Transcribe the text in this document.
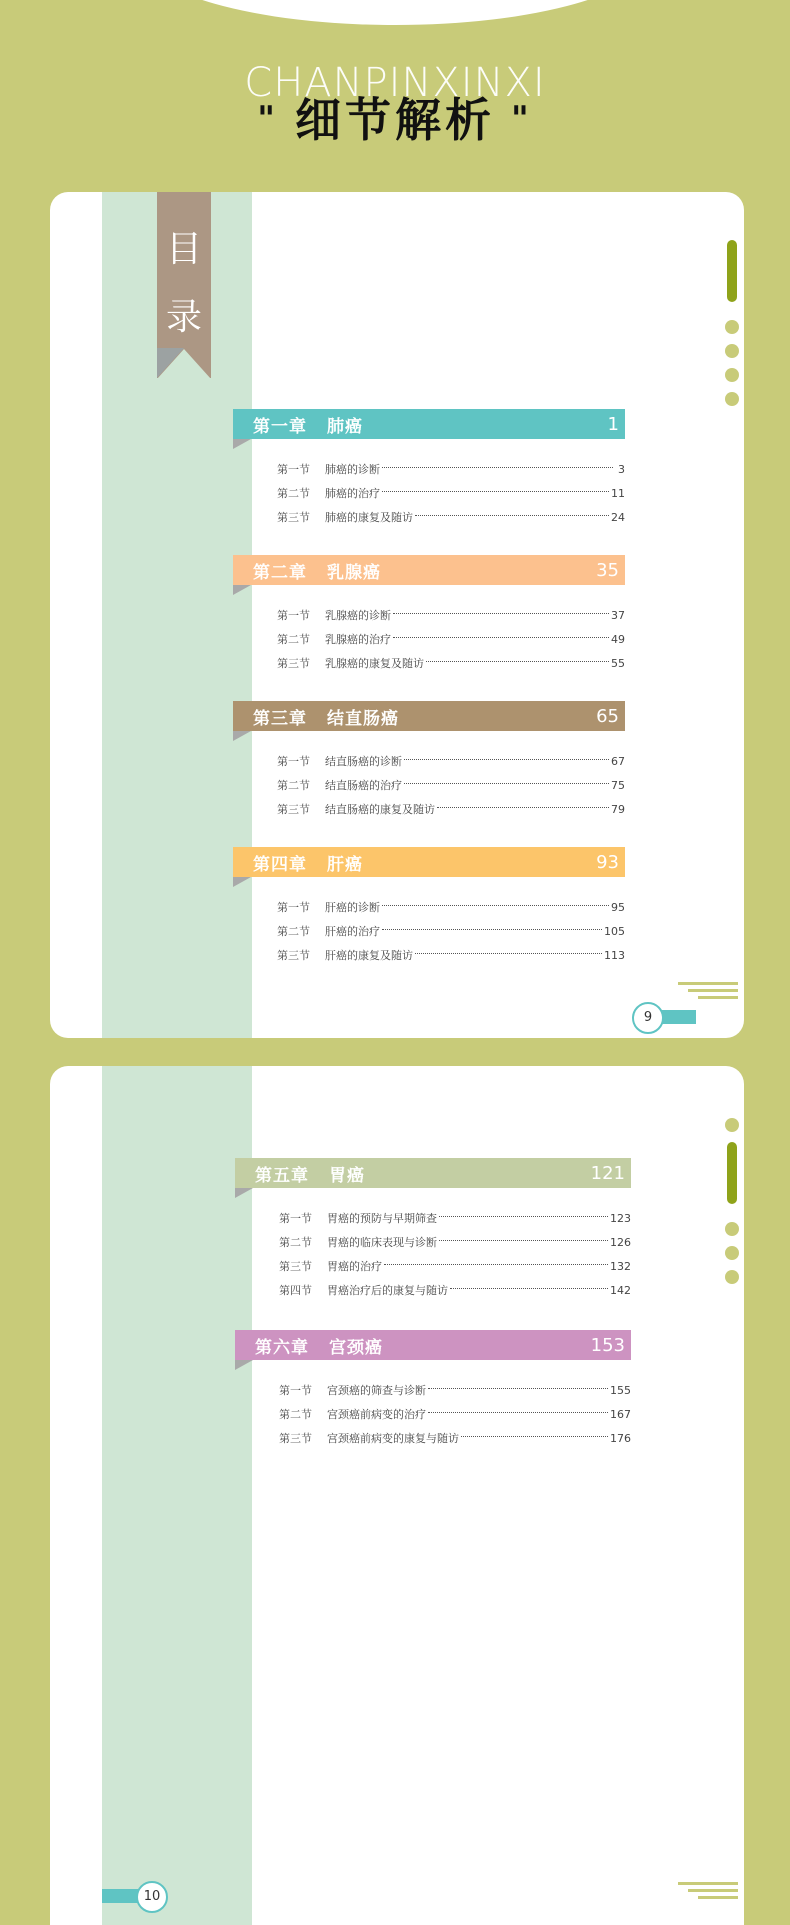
CHANPINXINXI
" 细节解析 "
目
录
第一章 肺癌	1
第一节	肺癌的诊断	3
第二节	肺癌的治疗	11
第三节	肺癌的康复及随访	24
第二章 乳腺癌	35
第一节	乳腺癌的诊断	37
第二节	乳腺癌的治疗	49
第三节	乳腺癌的康复及随访	55
第三章 结直肠癌	65
第一节	结直肠癌的诊断	67
第二节	结直肠癌的治疗	75
第三节	结直肠癌的康复及随访	79
第四章 肝癌	93
第一节	肝癌的诊断	95
第二节	肝癌的治疗	105
第三节	肝癌的康复及随访	113
9
第五章 胃癌	121
第一节	胃癌的预防与早期筛查	123
第二节	胃癌的临床表现与诊断	126
第三节	胃癌的治疗	132
第四节	胃癌治疗后的康复与随访	142
第六章 宫颈癌	153
第一节	宫颈癌的筛查与诊断	155
第二节	宫颈癌前病变的治疗	167
第三节	宫颈癌前病变的康复与随访	176
10
